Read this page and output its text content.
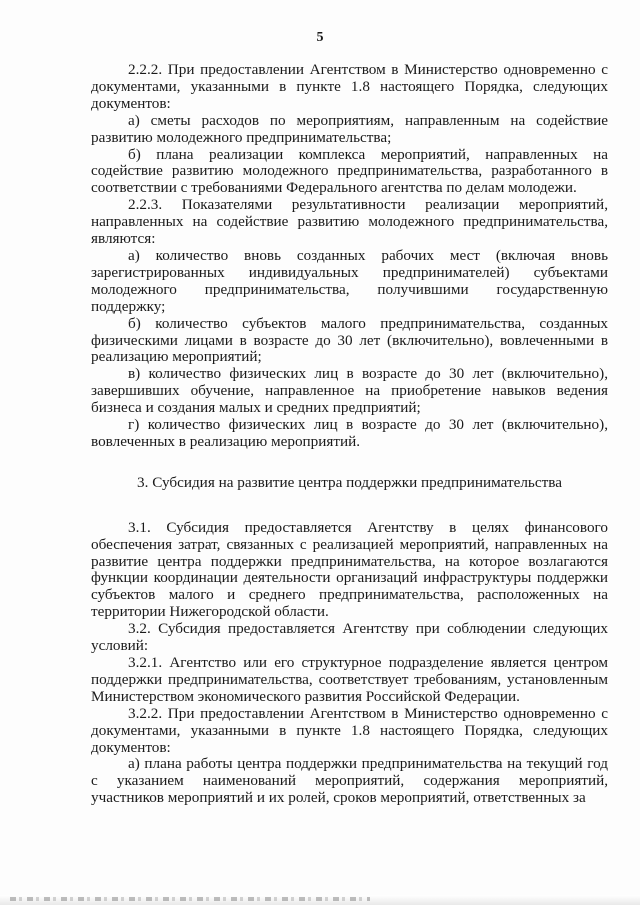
5

2.2.2. При предоставлении Агентством в Министерство одновременно с документами, указанными в пункте 1.8 настоящего Порядка, следующих документов:

а) сметы расходов по мероприятиям, направленным на содействие развитию молодежного предпринимательства;

б) плана реализации комплекса мероприятий, направленных на содействие развитию молодежного предпринимательства, разработанного в соответствии с требованиями Федерального агентства по делам молодежи.

2.2.3. Показателями результативности реализации мероприятий, направленных на содействие развитию молодежного предпринимательства, являются:

а) количество вновь созданных рабочих мест (включая вновь зарегистрированных индивидуальных предпринимателей) субъектами молодежного предпринимательства, получившими государственную поддержку;

б) количество субъектов малого предпринимательства, созданных физическими лицами в возрасте до 30 лет (включительно), вовлеченными в реализацию мероприятий;

в) количество физических лиц в возрасте до 30 лет (включительно), завершивших обучение, направленное на приобретение навыков ведения бизнеса и создания малых и средних предприятий;

г) количество физических лиц в возрасте до 30 лет (включительно), вовлеченных в реализацию мероприятий.

3. Субсидия на развитие центра поддержки предпринимательства

3.1. Субсидия предоставляется Агентству в целях финансового обеспечения затрат, связанных с реализацией мероприятий, направленных на развитие центра поддержки предпринимательства, на которое возлагаются функции координации деятельности организаций инфраструктуры поддержки субъектов малого и среднего предпринимательства, расположенных на территории Нижегородской области.

3.2. Субсидия предоставляется Агентству при соблюдении следующих условий:

3.2.1. Агентство или его структурное подразделение является центром поддержки предпринимательства, соответствует требованиям, установленным Министерством экономического развития Российской Федерации.

3.2.2. При предоставлении Агентством в Министерство одновременно с документами, указанными в пункте 1.8 настоящего Порядка, следующих документов:

а) плана работы центра поддержки предпринимательства на текущий год с указанием наименований мероприятий, содержания мероприятий, участников мероприятий и их ролей, сроков мероприятий, ответственных за
